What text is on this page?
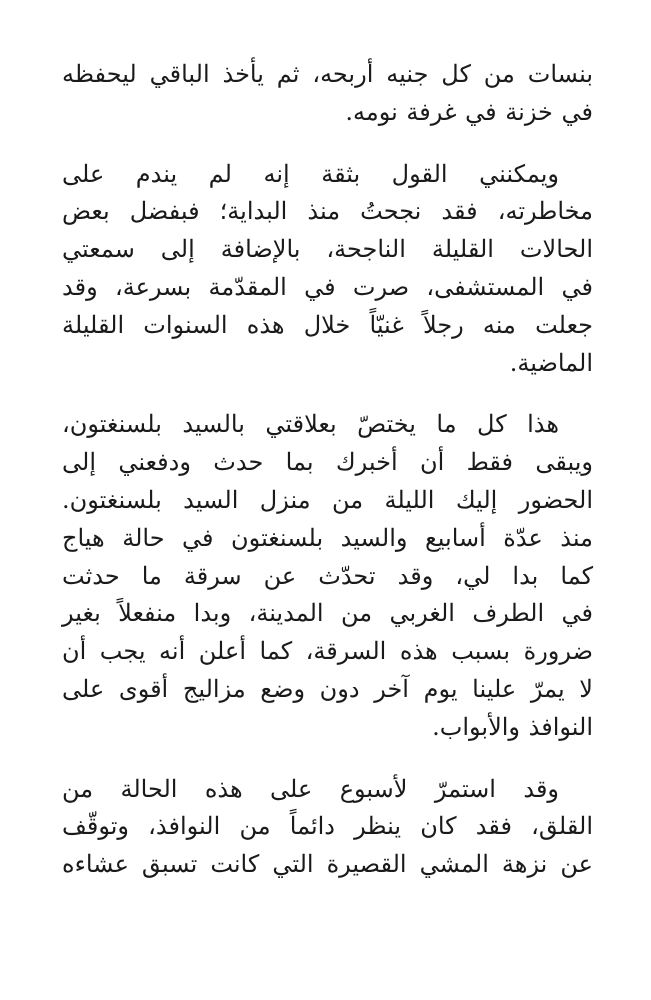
بنسات من كل جنيه أربحه، ثم يأخذ الباقي ليحفظه
في خزنة في غرفة نومه.

ويمكنني القول بثقة إنه لم يندم على
مخاطرته، فقد نجحتُ منذ البداية؛ فبفضل بعض
الحالات القليلة الناجحة، بالإضافة إلى سمعتي
في المستشفى، صرت في المقدّمة بسرعة، وقد
جعلت منه رجلاً غنيّاً خلال هذه السنوات القليلة
الماضية.

هذا كل ما يختصّ بعلاقتي بالسيد بلسنغتون،
ويبقى فقط أن أخبرك بما حدث ودفعني إلى
الحضور إليك الليلة من منزل السيد بلسنغتون.
منذ عدّة أسابيع والسيد بلسنغتون في حالة هياج
كما بدا لي، وقد تحدّث عن سرقة ما حدثت
في الطرف الغربي من المدينة، وبدا منفعلاً بغير
ضرورة بسبب هذه السرقة، كما أعلن أنه يجب أن
لا يمرّ علينا يوم آخر دون وضع مزاليج أقوى على
النوافذ والأبواب.

وقد استمرّ لأسبوع على هذه الحالة من
القلق، فقد كان ينظر دائماً من النوافذ، وتوقّف
عن نزهة المشي القصيرة التي كانت تسبق عشاءه
